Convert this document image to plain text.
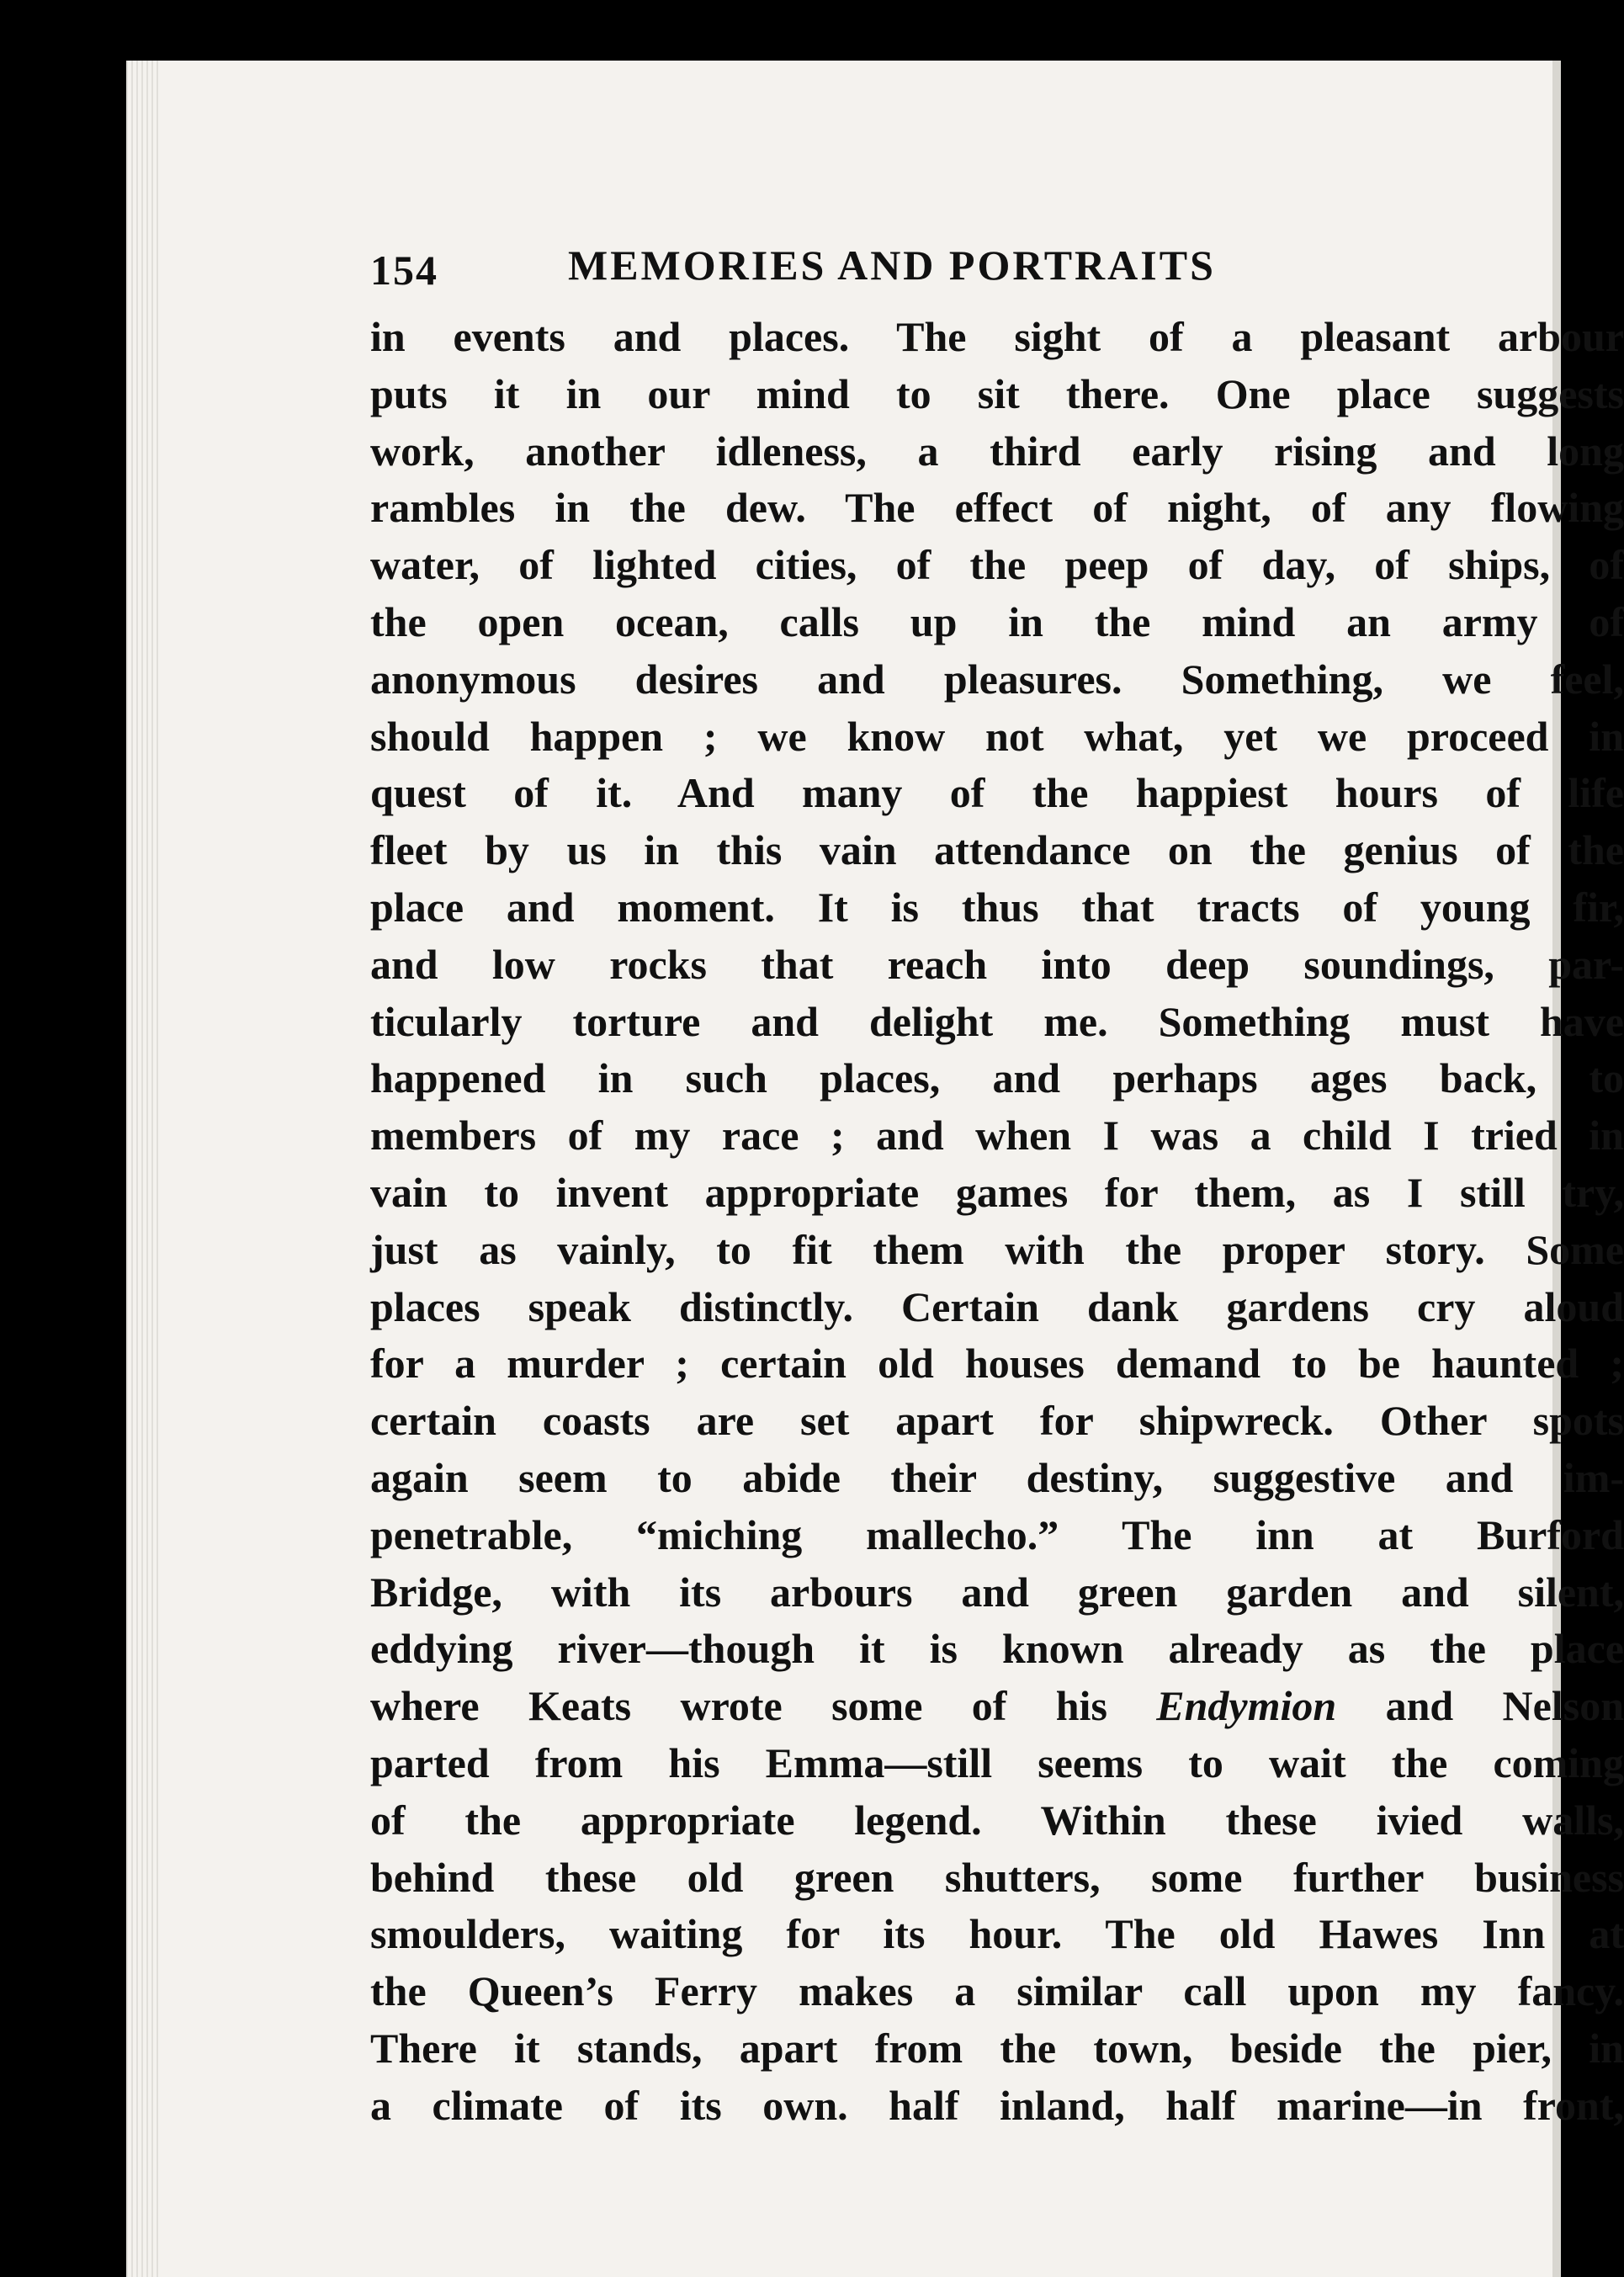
154	MEMORIES AND PORTRAITS
in events and places. The sight of a pleasant arbour
puts it in our mind to sit there. One place suggests
work, another idleness, a third early rising and long
rambles in the dew. The effect of night, of any flowing
water, of lighted cities, of the peep of day, of ships, of
the open ocean, calls up in the mind an army of
anonymous desires and pleasures. Something, we feel,
should happen ; we know not what, yet we proceed in
quest of it. And many of the happiest hours of life
fleet by us in this vain attendance on the genius of the
place and moment. It is thus that tracts of young fir,
and low rocks that reach into deep soundings, par-
ticularly torture and delight me. Something must have
happened in such places, and perhaps ages back, to
members of my race ; and when I was a child I tried in
vain to invent appropriate games for them, as I still try,
just as vainly, to fit them with the proper story. Some
places speak distinctly. Certain dank gardens cry aloud
for a murder ; certain old houses demand to be haunted ;
certain coasts are set apart for shipwreck. Other spots
again seem to abide their destiny, suggestive and im-
penetrable, “miching mallecho.” The inn at Burford
Bridge, with its arbours and green garden and silent,
eddying river—though it is known already as the place
where Keats wrote some of his Endymion and Nelson
parted from his Emma—still seems to wait the coming
of the appropriate legend. Within these ivied walls,
behind these old green shutters, some further business
smoulders, waiting for its hour. The old Hawes Inn at
the Queen’s Ferry makes a similar call upon my fancy.
There it stands, apart from the town, beside the pier, in
a climate of its own. half inland, half marine—in front,
